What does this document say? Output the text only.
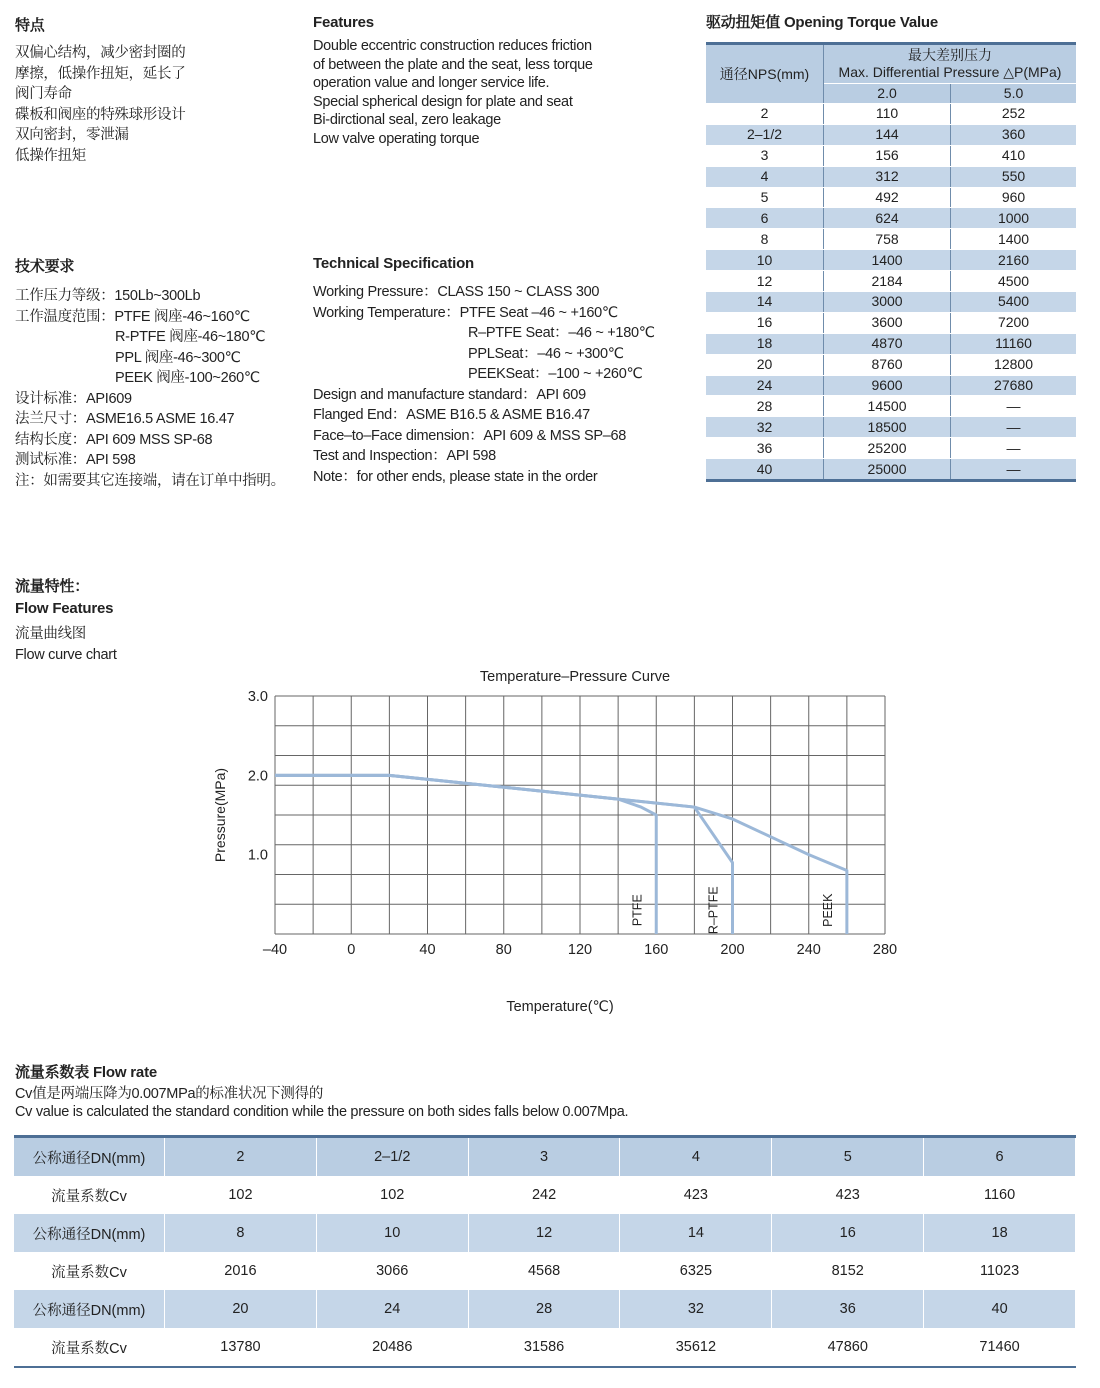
特点
双偏心结构，减少密封圈的
摩擦，低操作扭矩，延长了
阀门寿命
碟板和阀座的特殊球形设计
双向密封，零泄漏
低操作扭矩
Features
Double eccentric construction reduces friction
of between the plate and the seat, less torque
operation value and longer service life.
Special spherical design for plate and seat
Bi-dirctional seal, zero leakage
Low valve operating torque
技术要求
工作压力等级：150Lb~300Lb
工作温度范围：PTFE 阀座-46~160℃
R-PTFE 阀座-46~180℃
PPL 阀座-46~300℃
PEEK 阀座-100~260℃
设计标准：API609
法兰尺寸：ASME16.5 ASME 16.47
结构长度：API 609 MSS SP-68
测试标准：API 598
注：如需要其它连接端，请在订单中指明。
Technical Specification
Working Pressure：CLASS 150 ~ CLASS 300
Working Temperature：PTFE Seat –46 ~ +160℃
R–PTFE Seat：–46 ~ +180℃
PPLSeat：–46 ~ +300℃
PEEKSeat：–100 ~ +260℃
Design and manufacture standard：API 609
Flanged End：ASME B16.5 & ASME B16.47
Face–to–Face dimension：API 609 & MSS SP–68
Test and Inspection：API 598
Note：for other ends, please state in the order
驱动扭矩值 Opening Torque Value
通径NPS(mm)	最大差别压力
Max. Differential Pressure △P(MPa)	

	2.0	5.0
2	110	252
2–1/2	144	360
3	156	410
4	312	550
5	492	960
6	624	1000
8	758	1400
10	1400	2160
12	2184	4500
14	3000	5400
16	3600	7200
18	4870	11160
20	8760	12800
24	9600	27680
28	14500	—
32	18500	—
36	25200	—
40	25000	—
流量特性：
Flow Features
流量曲线图
Flow curve chart
Temperature–Pressure Curve
1.0
2.0
3.0
–40	0	40	80	120	160	200	240	280
Pressure(MPa)
Temperature(℃)
PTFE	R–PTFE	PEEK
流量系数表 Flow rate
Cv值是两端压降为0.007MPa的标准状况下测得的
Cv value is calculated the standard condition while the pressure on both sides falls below 0.007Mpa.
公称通径DN(mm)	2	2–1/2	3	4	5	6
流量系数Cv	102	102	242	423	423	1160
公称通径DN(mm)	8	10	12	14	16	18
流量系数Cv	2016	3066	4568	6325	8152	11023
公称通径DN(mm)	20	24	28	32	36	40
流量系数Cv	13780	20486	31586	35612	47860	71460
